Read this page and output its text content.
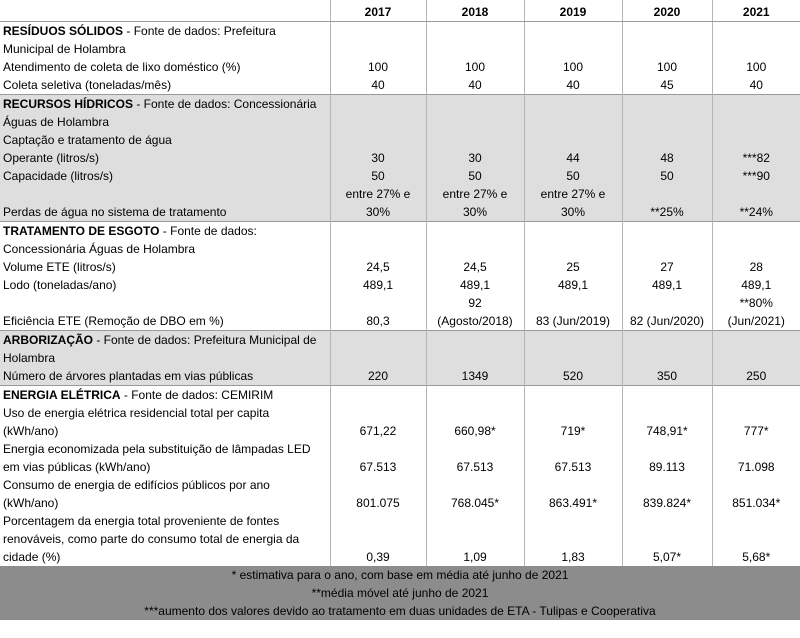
	2017	2018	2019	2020	2021
RESÍDUOS SÓLIDOS - Fonte de dados: Prefeitura					
Municipal de Holambra					
Atendimento de coleta de lixo doméstico (%)	100	100	100	100	100
Coleta seletiva (toneladas/mês)	40	40	40	45	40
RECURSOS HÍDRICOS - Fonte de dados: Concessionária					
Águas de Holambra					
Captação e tratamento de água					
Operante (litros/s)	30	30	44	48	***82
Capacidade (litros/s)	50	50	50	50	***90
	entre 27% e	entre 27% e	entre 27% e		
Perdas de água no sistema de tratamento	30%	30%	30%	**25%	**24%
TRATAMENTO DE ESGOTO - Fonte de dados:					
Concessionária Águas de Holambra					
Volume ETE (litros/s)	24,5	24,5	25	27	28
Lodo (toneladas/ano)	489,1	489,1	489,1	489,1	489,1
		92			**80%
Eficiência ETE (Remoção de DBO em %)	80,3	(Agosto/2018)	83 (Jun/2019)	82 (Jun/2020)	(Jun/2021)
ARBORIZAÇÃO - Fonte de dados: Prefeitura Municipal de					
Holambra					
Número de árvores plantadas em vias públicas	220	1349	520	350	250
ENERGIA ELÉTRICA - Fonte de dados: CEMIRIM					
Uso de energia elétrica residencial total per capita					
(kWh/ano)	671,22	660,98*	719*	748,91*	777*
Energia economizada pela substituição de lâmpadas LED					
em vias públicas (kWh/ano)	67.513	67.513	67.513	89.113	71.098
Consumo de energia de edifícios públicos por ano					
(kWh/ano)	801.075	768.045*	863.491*	839.824*	851.034*
Porcentagem da energia total proveniente de fontes					
renováveis, como parte do consumo total de energia da					
cidade (%)	0,39	1,09	1,83	5,07*	5,68*
* estimativa para o ano, com base em média até junho de 2021
**média móvel até junho de 2021
***aumento dos valores devido ao tratamento em duas unidades de ETA - Tulipas e Cooperativa
